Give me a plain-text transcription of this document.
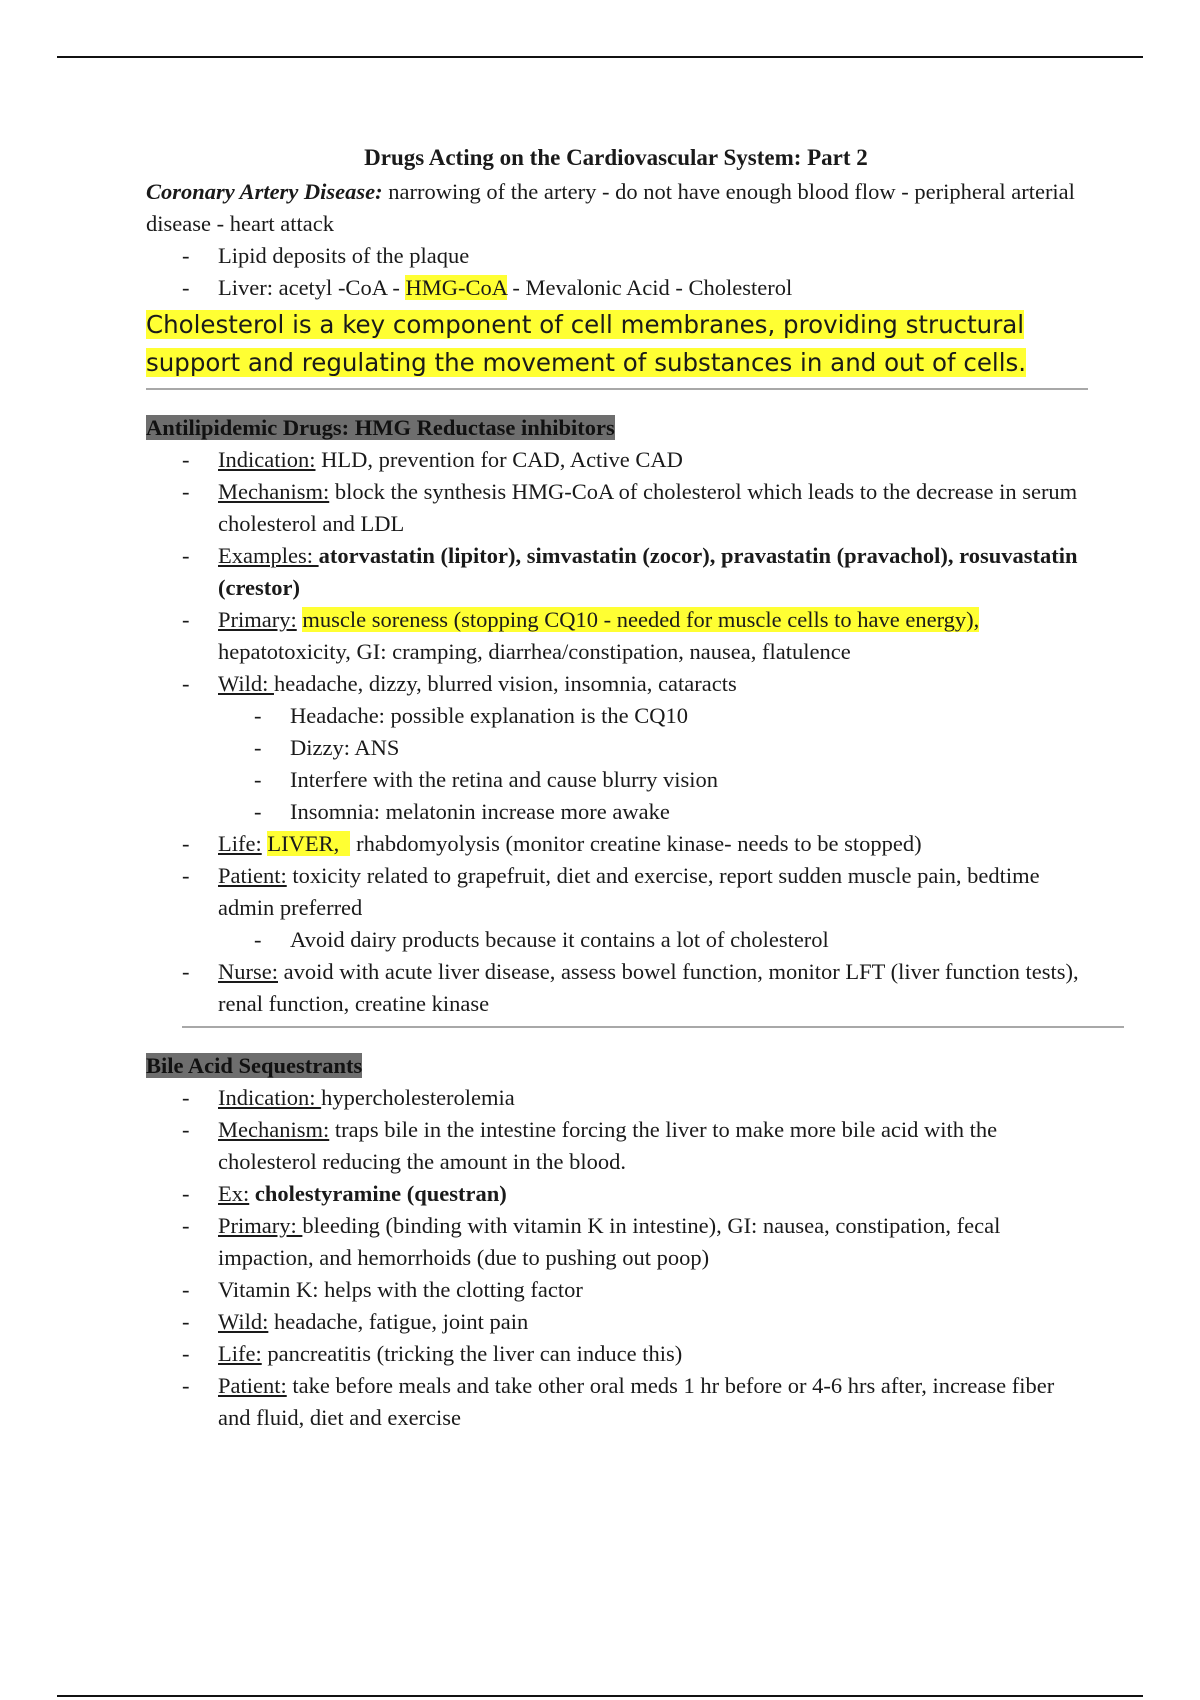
Drugs Acting on the Cardiovascular System: Part 2

Coronary Artery Disease: narrowing of the artery - do not have enough blood flow - peripheral arterial disease - heart attack

- Lipid deposits of the plaque
- Liver: acetyl -CoA - HMG-CoA - Mevalonic Acid - Cholesterol

Cholesterol is a key component of cell membranes, providing structural support and regulating the movement of substances in and out of cells.

Antilipidemic Drugs: HMG Reductase inhibitors

- Indication: HLD, prevention for CAD, Active CAD
- Mechanism: block the synthesis HMG-CoA of cholesterol which leads to the decrease in serum cholesterol and LDL
- Examples: atorvastatin (lipitor), simvastatin (zocor), pravastatin (pravachol), rosuvastatin (crestor)
- Primary: muscle soreness (stopping CQ10 - needed for muscle cells to have energy), hepatotoxicity, GI: cramping, diarrhea/constipation, nausea, flatulence
- Wild: headache, dizzy, blurred vision, insomnia, cataracts
- Headache: possible explanation is the CQ10
- Dizzy: ANS
- Interfere with the retina and cause blurry vision
- Insomnia: melatonin increase more awake
- Life: LIVER,   rhabdomyolysis (monitor creatine kinase- needs to be stopped)
- Patient: toxicity related to grapefruit, diet and exercise, report sudden muscle pain, bedtime admin preferred
- Avoid dairy products because it contains a lot of cholesterol
- Nurse: avoid with acute liver disease, assess bowel function, monitor LFT (liver function tests), renal function, creatine kinase

Bile Acid Sequestrants

- Indication: hypercholesterolemia
- Mechanism: traps bile in the intestine forcing the liver to make more bile acid with the cholesterol reducing the amount in the blood.
- Ex: cholestyramine (questran)
- Primary: bleeding (binding with vitamin K in intestine), GI: nausea, constipation, fecal impaction, and hemorrhoids (due to pushing out poop)
- Vitamin K: helps with the clotting factor
- Wild: headache, fatigue, joint pain
- Life: pancreatitis (tricking the liver can induce this)
- Patient: take before meals and take other oral meds 1 hr before or 4-6 hrs after, increase fiber and fluid, diet and exercise
